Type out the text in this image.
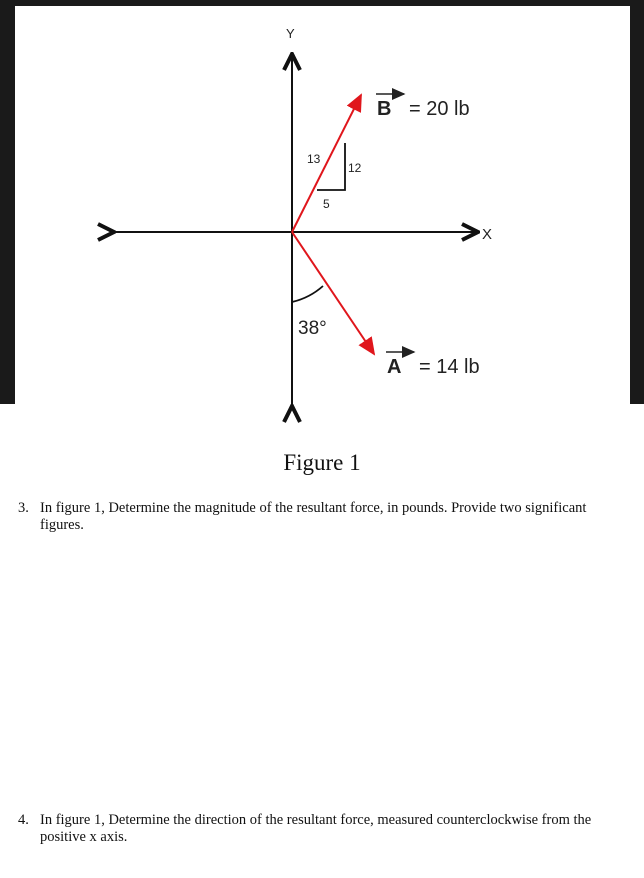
Y
X
13
12
5
38°
B = 20 lb
A = 14 lb
Figure 1
3. In figure 1, Determine the magnitude of the resultant force, in pounds. Provide two significant figures.
4. In figure 1, Determine the direction of the resultant force, measured counterclockwise from the positive x axis.
